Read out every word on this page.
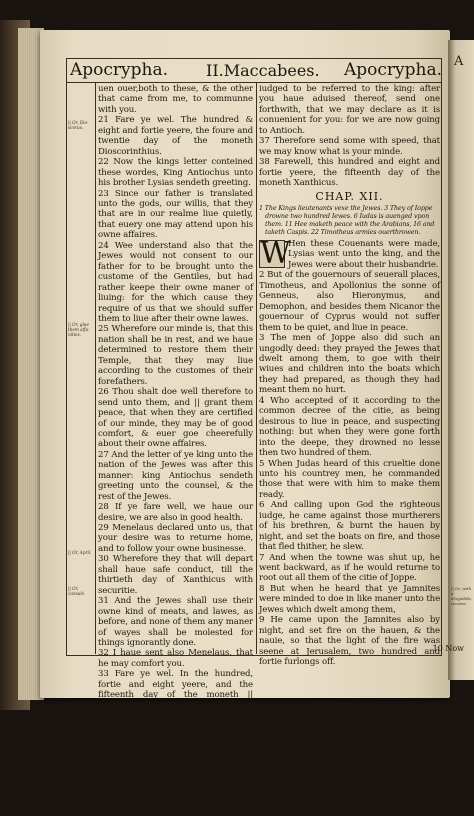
A
|| Or, with a dreysibile, receive.
Apocrypha. II.Maccabees. Apocrypha.
|| Or, Dio-scorus.
|| Or, glue them affa-nities.
|| Or, April.
|| Or, consuls

uen ouer,both to these, & the other that came from me, to communne with you.

21 Fare ye wel. The hundred & eight and fortie yeere, the foure and twentie day of the moneth Dioscorinthius.

22 Now the kings letter conteined these wordes, King Antiochus unto his brother Lysias sendeth greeting.

23 Since our father is translated unto the gods, our willis, that they that are in our realme liue quietly, that euery one may attend upon his owne affaires.

24 Wee understand also that the Jewes would not consent to our father for to be brought unto the custome of the Gentiles, but had rather keepe their owne maner of liuing: for the which cause they require of us that we should suffer them to liue after their owne lawes.

25 Wherefore our minde is, that this nation shall be in rest, and we haue determined to restore them their Temple, that they may liue according to the customes of their forefathers.

26 Thou shalt doe well therefore to send unto them, and || grant them peace, that when they are certified of our minde, they may be of good comfort, & euer goe cheerefully about their owne affaires.

27 And the letter of ye king unto the nation of the Jewes was after this manner: king Antiochus sendeth greeting unto the counsel, & the rest of the Jewes.

28 If ye fare well, we haue our desire, we are also in good health.

29 Menelaus declared unto us, that your desire was to returne home, and to follow your owne businesse.

30 Wherefore they that will depart shall haue safe conduct, till the thirtieth day of Xanthicus with securitie.

31 And the Jewes shall use their owne kind of meats, and lawes, as before, and none of them any maner of wayes shall be molested for things ignorantly done.

32 I haue sent also Menelaus, that he may comfort you.

33 Fare ye wel. In the hundred, fortie and eight yeere, and the fifteenth day of the moneth || Xanthicus.

34 The Romanes also sent unto them a letter conteining these wordes: Quintus Memmius, & Titus Manlius || embassadours of ye Romanes, send greeting unto the people of the Jewes.

35 Whatsoeuer Lysias the kings cousin hath granted, therewith we also are well pleased.

36 But touching such things as hee

iudged to be referred to the king: after you haue aduised thereof, send one forthwith, that we may declare as it is conuenient for you: for we are now going to Antioch.

37 Therefore send some with speed, that we may know what is your minde.

38 Farewell, this hundred and eight and fortie yeere, the fifteenth day of the moneth Xanthicus.

CHAP. XII.
1 The Kings lieutenants vexe the Jewes. 3 They of Ioppe drowne two hundred Iewes. 6 Iudas is auenged vpon them. 11 Hee maketh peace with the Arabians, 16 and taketh Caspis. 22 Timotheus armies ouerthrowen.

W
Hen these Couenants were made, Lysias went unto the king, and the Jewes were about their husbandrie.

2 But of the gouernours of seuerall places, Timotheus, and Apollonius the sonne of Genneus, also Hieronymus, and Demophon, and besides them Nicanor the gouernour of Cyprus would not suffer them to be quiet, and liue in peace.

3 The men of Joppe also did such an ungodly deed: they prayed the Jewes that dwelt among them, to goe with their wiues and children into the boats which they had prepared, as though they had meant them no hurt.

4 Who accepted of it according to the common decree of the citie, as being desirous to liue in peace, and suspecting nothing: but when they were gone forth into the deepe, they drowned no lesse then two hundred of them.

5 When Judas heard of this crueltie done unto his countrey men, he commanded those that were with him to make them ready.

6 And calling upon God the righteous iudge, he came against those murtherers of his brethren, & burnt the hauen by night, and set the boats on fire, and those that fled thither, he slew.

7 And when the towne was shut up, he went backward, as if he would returne to root out all them of the citie of Joppe.

8 But when he heard that ye Jamnites were minded to doe in like maner unto the Jewes which dwelt among them,

9 He came upon the Jamnites also by night, and set fire on the hauen, & the nauie, so that the light of the fire was seene at Jerusalem, two hundred and fortie furlongs off.

10 Now
